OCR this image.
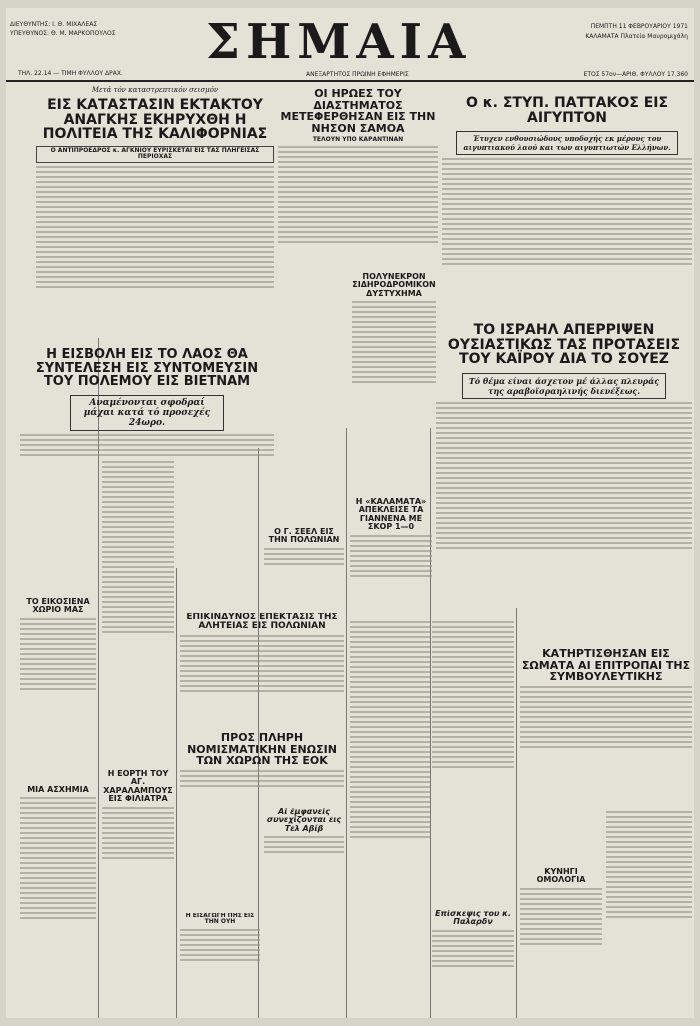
ΔΙΕΥΘΥΝΤΗΣ: Ι. Θ. ΜΙΧΑΛΕΑΣ
ΥΠΕΥΘΥΝΟΣ: Θ. Μ. ΜΑΡΚΟΠΟΥΛΟΣ ΣΗΜΑΙΑ	ΠΕΜΠΤΗ 11 ΦΕΒΡΟΥΑΡΙΟΥ 1971
ΚΑΛΑΜΑΤΑ Πλατεία Μαυρομιχάλη
ΤΗΛ. 22.14 — ΤΙΜΗ ΦΥΛΛΟΥ ΔΡΑΧ.	ΑΝΕΞΑΡΤΗΤΟΣ ΠΡΩΙΝΗ ΕΦΗΜΕΡΙΣ	ΕΤΟΣ 57ον—ΑΡΙΘ. ΦΥΛΛΟΥ 17.360
Μετά τόν καταστρεπτικόν σεισμόν
ΕΙΣ ΚΑΤΑΣΤΑΣΙΝ ΕΚΤΑΚΤΟΥ ΑΝΑΓΚΗΣ ΕΚΗΡΥΧΘΗ Η ΠΟΛΙΤΕΙΑ ΤΗΣ ΚΑΛΙΦΟΡΝΙΑΣ
Ο ΑΝΤΙΠΡΟΕΔΡΟΣ κ. ΑΓΚΝΙΟΥ ΕΥΡΙΣΚΕΤΑΙ ΕΙΣ ΤΑΣ ΠΛΗΓΕΙΣΑΣ ΠΕΡΙΟΧΑΣ
ΟΙ ΗΡΩΕΣ ΤΟΥ ΔΙΑΣΤΗΜΑΤΟΣ ΜΕΤΕΦΕΡΘΗΣΑΝ ΕΙΣ ΤΗΝ ΝΗΣΟΝ ΣΑΜΟΑ
ΤΕΛΟΥΝ ΥΠΟ ΚΑΡΑΝΤΙΝΑΝ
Ο κ. ΣΤΥΠ. ΠΑΤΤΑΚΟΣ ΕΙΣ ΑΙΓΥΠΤΟΝ
Έτυχεν ενθουσιώδους υποδοχής εκ μέρους του αιγυπτιακού λαού και των αιγυπτιωτών Ελλήνων.
ΠΟΛΥΝΕΚΡΟΝ ΣΙΔΗΡΟΔΡΟΜΙΚΟΝ ΔΥΣΤΥΧΗΜΑ
ΤΟ ΙΣΡΑΗΛ ΑΠΕΡΡΙΨΕΝ ΟΥΣΙΑΣΤΙΚΩΣ ΤΑΣ ΠΡΟΤΑΣΕΙΣ ΤΟΥ ΚΑΪΡΟΥ ΔΙΑ ΤΟ ΣΟΥΕΖ
Τό θέμα είναι άσχετον μέ άλλας πλευράς της αραβοϊσραηλινής διενέξεως.
Η ΕΙΣΒΟΛΗ ΕΙΣ ΤΟ ΛΑΟΣ ΘΑ ΣΥΝΤΕΛΕΣΗ ΕΙΣ ΣΥΝΤΟΜΕΥΣΙΝ ΤΟΥ ΠΟΛΕΜΟΥ ΕΙΣ ΒΙΕΤΝΑΜ
Αναμένονται σφοδραί μάχαι κατά τό προσεχές 24ωρο.
ΤΟ ΕΙΚΟΣΙΕΝΑ ΧΩΡΙΟ ΜΑΣ
ΜΙΑ ΑΣΧΗΜΙΑ
Η ΕΟΡΤΗ ΤΟΥ ΑΓ. ΧΑΡΑΛΑΜΠΟΥΣ ΕΙΣ ΦΙΛΙΑΤΡΑ
Ο Γ. ΣΕΕΛ ΕΙΣ ΤΗΝ ΠΟΛΩΝΙΑΝ
Η «ΚΑΛΑΜΑΤΑ» ΑΠΕΚΛΕΙΣΕ ΤΑ ΓΙΑΝΝΕΝΑ ΜΕ ΣΚΟΡ 1—0
ΕΠΙΚΙΝΔΥΝΟΣ ΕΠΕΚΤΑΣΙΣ ΤΗΣ ΑΛΗΤΕΙΑΣ ΕΙΣ ΠΟΛΩΝΙΑΝ
ΠΡΟΣ ΠΛΗΡΗ ΝΟΜΙΣΜΑΤΙΚΗΝ ΕΝΩΣΙΝ ΤΩΝ ΧΩΡΩΝ ΤΗΣ ΕΟΚ
Αί έμφανείς συνεχίζονται εις Τελ Αβίβ
Η ΕΙΣΑΓΩΓΗ ΠΗΣ ΕΙΣ ΤΗΝ ΟΥΗ
Επίσκεψις του κ. Παλαρδν
ΚΑΤΗΡΤΙΣΘΗΣΑΝ ΕΙΣ ΣΩΜΑΤΑ ΑΙ ΕΠΙΤΡΟΠΑΙ ΤΗΣ ΣΥΜΒΟΥΛΕΥΤΙΚΗΣ
ΚΥΝΗΓΙ ΟΜΟΛΟΓΙΑ
